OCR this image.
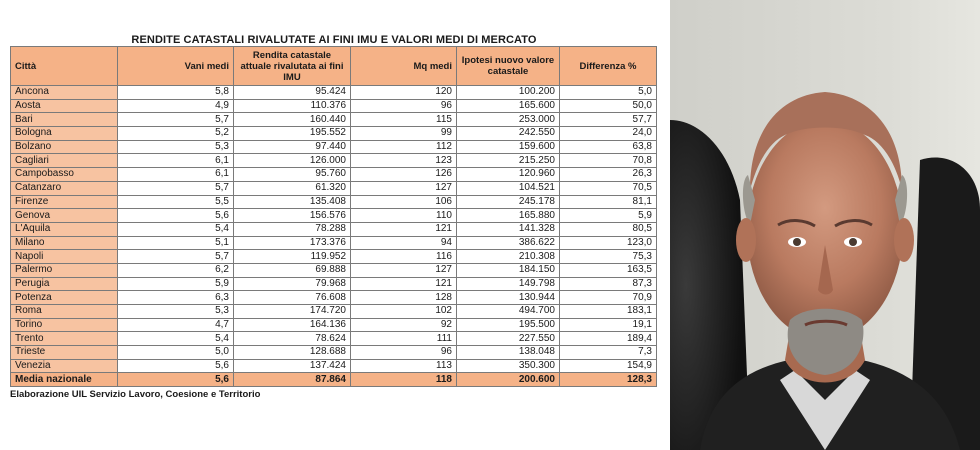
RENDITE CATASTALI RIVALUTATE AI FINI IMU E VALORI MEDI DI MERCATO
Città	Vani medi	Rendita catastale attuale rivalutata ai fini IMU	Mq medi	Ipotesi nuovo valore catastale	Differenza %
Ancona	5,8	95.424	120	100.200	5,0
Aosta	4,9	110.376	96	165.600	50,0
Bari	5,7	160.440	115	253.000	57,7
Bologna	5,2	195.552	99	242.550	24,0
Bolzano	5,3	97.440	112	159.600	63,8
Cagliari	6,1	126.000	123	215.250	70,8
Campobasso	6,1	95.760	126	120.960	26,3
Catanzaro	5,7	61.320	127	104.521	70,5
Firenze	5,5	135.408	106	245.178	81,1
Genova	5,6	156.576	110	165.880	5,9
L'Aquila	5,4	78.288	121	141.328	80,5
Milano	5,1	173.376	94	386.622	123,0
Napoli	5,7	119.952	116	210.308	75,3
Palermo	6,2	69.888	127	184.150	163,5
Perugia	5,9	79.968	121	149.798	87,3
Potenza	6,3	76.608	128	130.944	70,9
Roma	5,3	174.720	102	494.700	183,1
Torino	4,7	164.136	92	195.500	19,1
Trento	5,4	78.624	111	227.550	189,4
Trieste	5,0	128.688	96	138.048	7,3
Venezia	5,6	137.424	113	350.300	154,9
Media nazionale	5,6	87.864	118	200.600	128,3
Elaborazione UIL Servizio Lavoro, Coesione e Territorio
